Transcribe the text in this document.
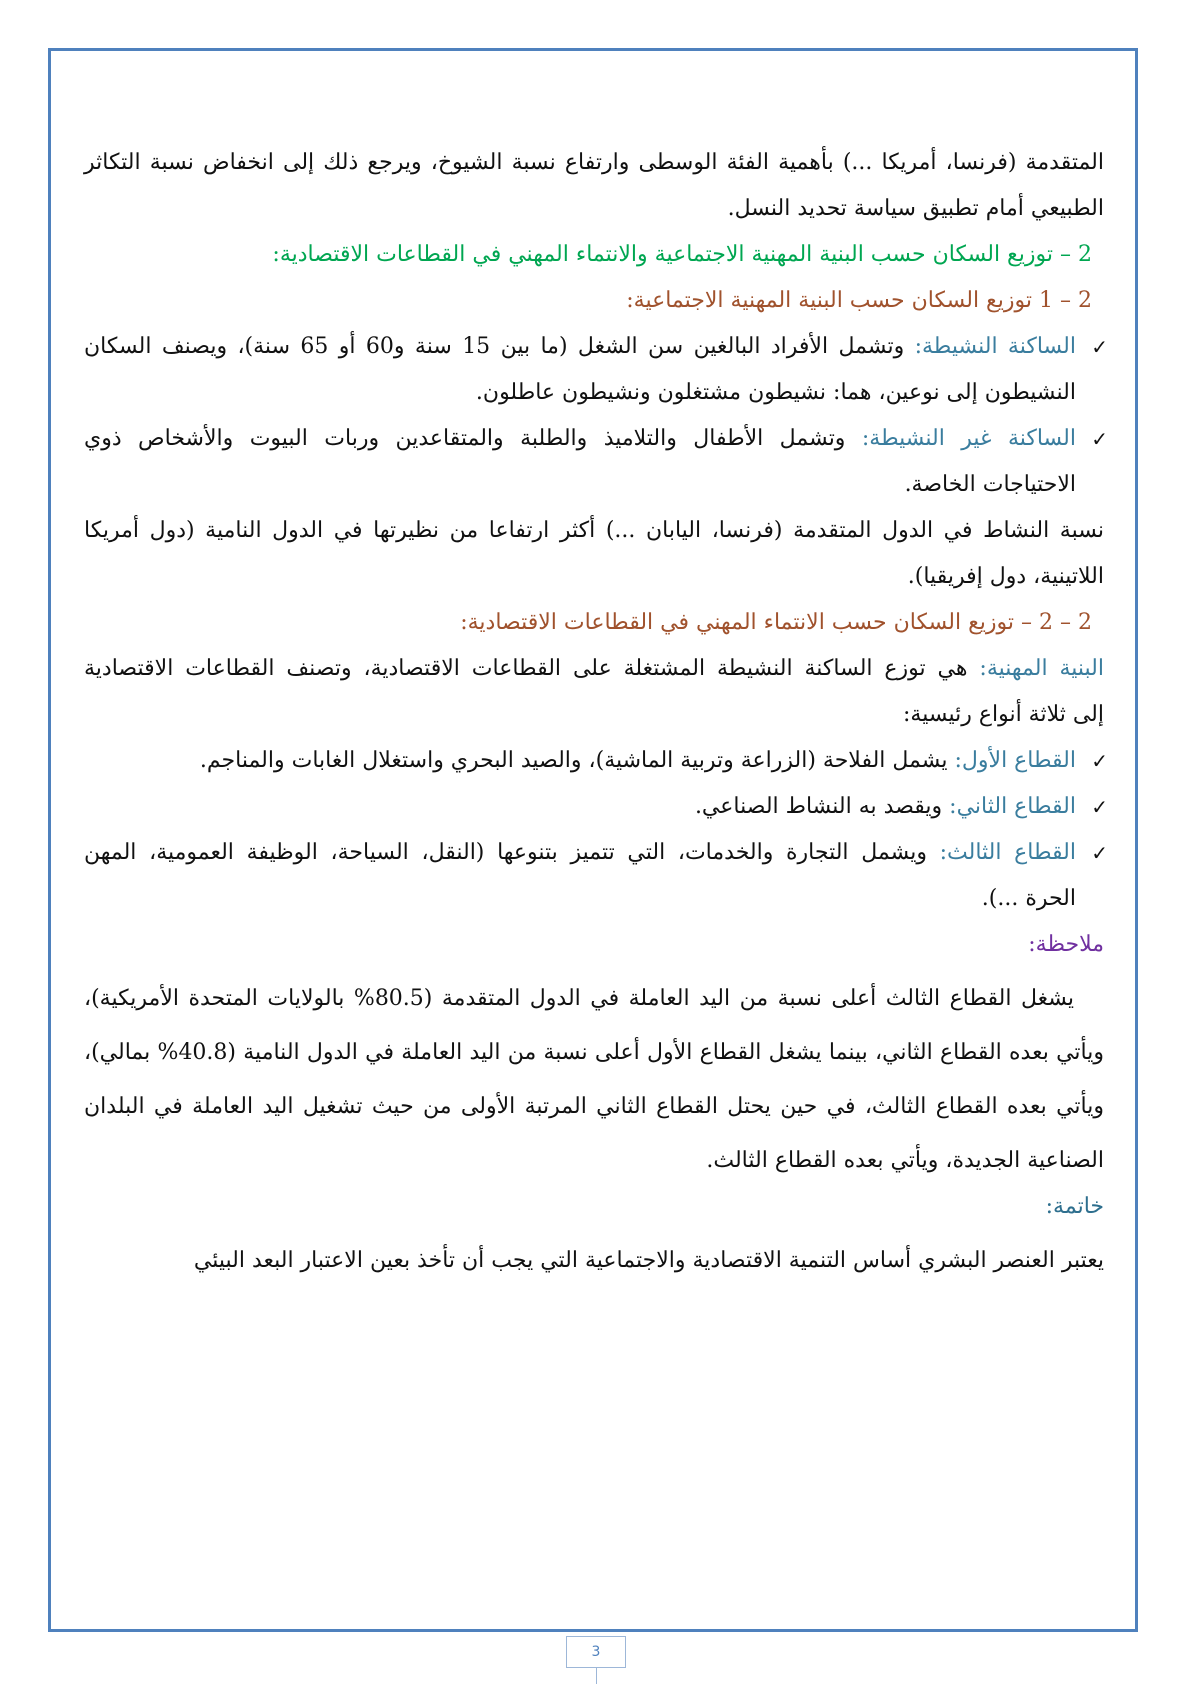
المتقدمة (فرنسا، أمريكا ...) بأهمية الفئة الوسطى وارتفاع نسبة الشيوخ، ويرجع ذلك إلى انخفاض نسبة التكاثر
الطبيعي أمام تطبيق سياسة تحديد النسل.
2 – توزيع السكان حسب البنية المهنية الاجتماعية والانتماء المهني في القطاعات الاقتصادية:
2 – 1 توزيع السكان حسب البنية المهنية الاجتماعية:
✓
الساكنة النشيطة: وتشمل الأفراد البالغين سن الشغل (ما بين 15 سنة و60 أو 65 سنة)، ويصنف السكان
النشيطون إلى نوعين، هما: نشيطون مشتغلون ونشيطون عاطلون.
✓
الساكنة غير النشيطة: وتشمل الأطفال والتلاميذ والطلبة والمتقاعدين وربات البيوت والأشخاص ذوي
الاحتياجات الخاصة.
نسبة النشاط في الدول المتقدمة (فرنسا، اليابان ...) أكثر ارتفاعا من نظيرتها في الدول النامية (دول أمريكا
اللاتينية، دول إفريقيا).
2 – 2 – توزيع السكان حسب الانتماء المهني في القطاعات الاقتصادية:
البنية المهنية: هي توزع الساكنة النشيطة المشتغلة على القطاعات الاقتصادية، وتصنف القطاعات الاقتصادية
إلى ثلاثة أنواع رئيسية:
✓
القطاع الأول: يشمل الفلاحة (الزراعة وتربية الماشية)، والصيد البحري واستغلال الغابات والمناجم.
✓
القطاع الثاني: ويقصد به النشاط الصناعي.
✓
القطاع الثالث: ويشمل التجارة والخدمات، التي تتميز بتنوعها (النقل، السياحة، الوظيفة العمومية، المهن
الحرة ...).
ملاحظة:
يشغل القطاع الثالث أعلى نسبة من اليد العاملة في الدول المتقدمة (80.5% بالولايات المتحدة الأمريكية)،
ويأتي بعده القطاع الثاني، بينما يشغل القطاع الأول أعلى نسبة من اليد العاملة في الدول النامية (40.8% بمالي)،
ويأتي بعده القطاع الثالث، في حين يحتل القطاع الثاني المرتبة الأولى من حيث تشغيل اليد العاملة في البلدان
الصناعية الجديدة، ويأتي بعده القطاع الثالث.
خاتمة:
يعتبر العنصر البشري أساس التنمية الاقتصادية والاجتماعية التي يجب أن تأخذ بعين الاعتبار البعد البيئي
3
